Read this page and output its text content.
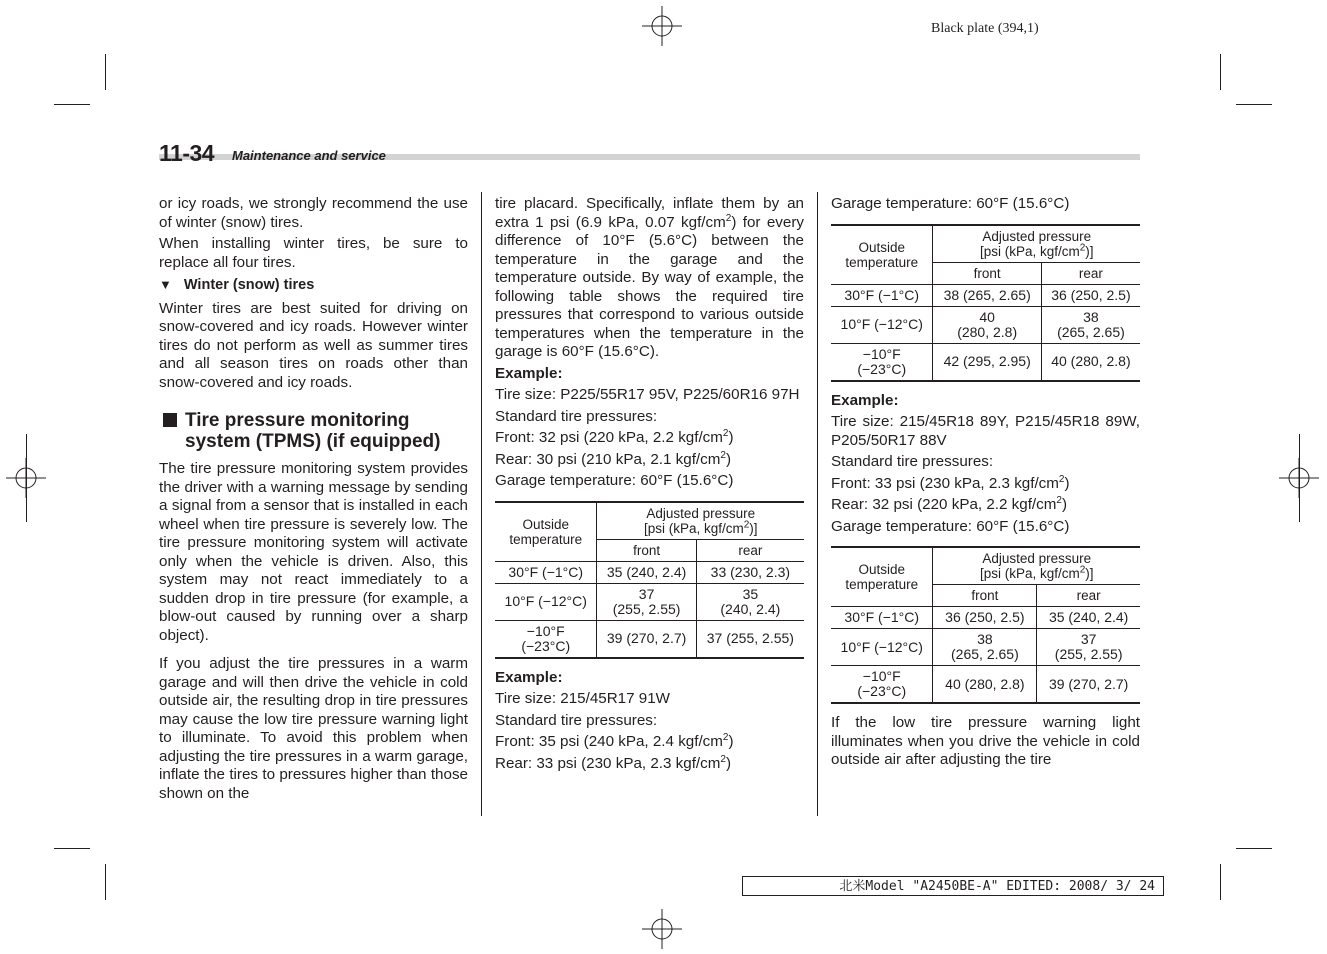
Black plate (394,1)
11-34 Maintenance and service

or icy roads, we strongly recommend the use of winter (snow) tires.

When installing winter tires, be sure to replace all four tires.

▼ Winter (snow) tires

Winter tires are best suited for driving on snow-covered and icy roads. However winter tires do not perform as well as summer tires and all season tires on roads other than snow-covered and icy roads.

Tire pressure monitoring system (TPMS) (if equipped)

The tire pressure monitoring system provides the driver with a warning message by sending a signal from a sensor that is installed in each wheel when tire pressure is severely low. The tire pressure monitoring system will activate only when the vehicle is driven. Also, this system may not react immediately to a sudden drop in tire pressure (for example, a blow-out caused by running over a sharp object).

If you adjust the tire pressures in a warm garage and will then drive the vehicle in cold outside air, the resulting drop in tire pressures may cause the low tire pressure warning light to illuminate. To avoid this problem when adjusting the tire pressures in a warm garage, inflate the tires to pressures higher than those shown on the

tire placard. Specifically, inflate them by an extra 1 psi (6.9 kPa, 0.07 kgf/$cm^2$) for every difference of 10°F (5.6°C) between the temperature in the garage and the temperature outside. By way of example, the following table shows the required tire pressures that correspond to various outside temperatures when the temperature in the garage is 60°F (15.6°C).

Example:

Tire size: P225/55R17 95V, P225/60R16 97H

Standard tire pressures:

Front: 32 psi (220 kPa, 2.2 kgf/$cm^2$)

Rear: 30 psi (210 kPa, 2.1 kgf/$cm^2$)

Garage temperature: 60°F (15.6°C)

Outside
temperature	Adjusted pressure
[psi (kPa, kgf/$cm^2$)]	
	front	rear
30°F (−1°C)	35 (240, 2.4)	33 (230, 2.3)
10°F (−12°C)	37
(255, 2.55)	35
(240, 2.4)
−10°F
(−23°C)	39 (270, 2.7)	37 (255, 2.55)

Example:

Tire size: 215/45R17 91W

Standard tire pressures:

Front: 35 psi (240 kPa, 2.4 kgf/$cm^2$)

Rear: 33 psi (230 kPa, 2.3 kgf/$cm^2$)

Garage temperature: 60°F (15.6°C)

Outside
temperature	Adjusted pressure
[psi (kPa, kgf/$cm^2$)]	
	front	rear
30°F (−1°C)	38 (265, 2.65)	36 (250, 2.5)
10°F (−12°C)	40
(280, 2.8)	38
(265, 2.65)
−10°F
(−23°C)	42 (295, 2.95)	40 (280, 2.8)

Example:

Tire size: 215/45R18 89Y, P215/45R18 89W, P205/50R17 88V

Standard tire pressures:

Front: 33 psi (230 kPa, 2.3 kgf/$cm^2$)

Rear: 32 psi (220 kPa, 2.2 kgf/$cm^2$)

Garage temperature: 60°F (15.6°C)

Outside
temperature	Adjusted pressure
[psi (kPa, kgf/$cm^2$)]	
	front	rear
30°F (−1°C)	36 (250, 2.5)	35 (240, 2.4)
10°F (−12°C)	38
(265, 2.65)	37
(255, 2.55)
−10°F
(−23°C)	40 (280, 2.8)	39 (270, 2.7)

If the low tire pressure warning light illuminates when you drive the vehicle in cold outside air after adjusting the tire

北米Model "A2450BE-A" EDITED: 2008/ 3/ 24
